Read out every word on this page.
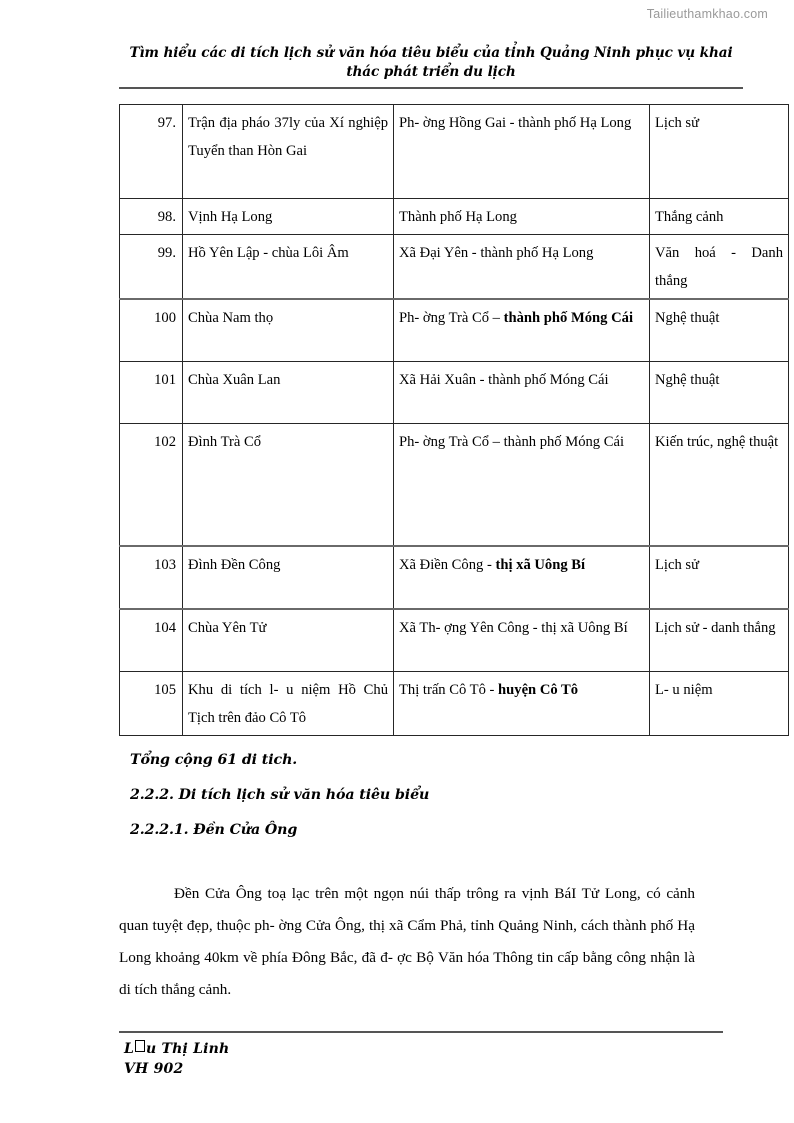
Tailieuthamkhao.com
Tìm hiểu các di tích lịch sử văn hóa tiêu biểu của tỉnh Quảng Ninh phục vụ khai
thác phát triển du lịch
97.	Trận địa pháo 37ly của Xí nghiệp Tuyển than Hòn Gai	Ph- ờng Hồng Gai - thành phố Hạ Long	Lịch sử
98.	Vịnh Hạ Long	Thành phố Hạ Long	Thắng cảnh
99.	Hồ Yên Lập - chùa Lôi Âm	Xã Đại Yên - thành phố Hạ Long	Văn hoá - Danh thắng
100	Chùa Nam thọ	Ph- ờng Trà Cổ – thành phố Móng Cái	Nghệ thuật
101	Chùa Xuân Lan	Xã Hải Xuân - thành phố Móng Cái	Nghệ thuật
102	Đình Trà Cổ	Ph- ờng Trà Cổ – thành phố Móng Cái	Kiến trúc, nghệ thuật
103	Đình Đền Công	Xã Điền Công - thị xã Uông Bí	Lịch sử
104	Chùa Yên Tử	Xã Th- ợng Yên Công - thị xã Uông Bí	Lịch sử - danh thắng
105	Khu di tích l- u niệm Hồ Chủ Tịch trên đảo Cô Tô	Thị trấn Cô Tô - huyện Cô Tô	L- u niệm

Tổng cộng 61 di tich.

2.2.2. Di tích lịch sử văn hóa tiêu biểu

2.2.2.1. Đền Cửa Ông

Đền Cửa Ông toạ lạc trên một ngọn núi thấp trông ra vịnh BáI Tử Long, có cảnh quan tuyệt đẹp, thuộc ph- ờng Cửa Ông, thị xã Cẩm Phả, tỉnh Quảng Ninh, cách thành phố Hạ Long khoảng 40km về phía Đông Bắc, đã đ- ợc Bộ Văn hóa Thông tin cấp bằng công nhận là di tích thắng cảnh.
L u Thị Linh
VH 902
